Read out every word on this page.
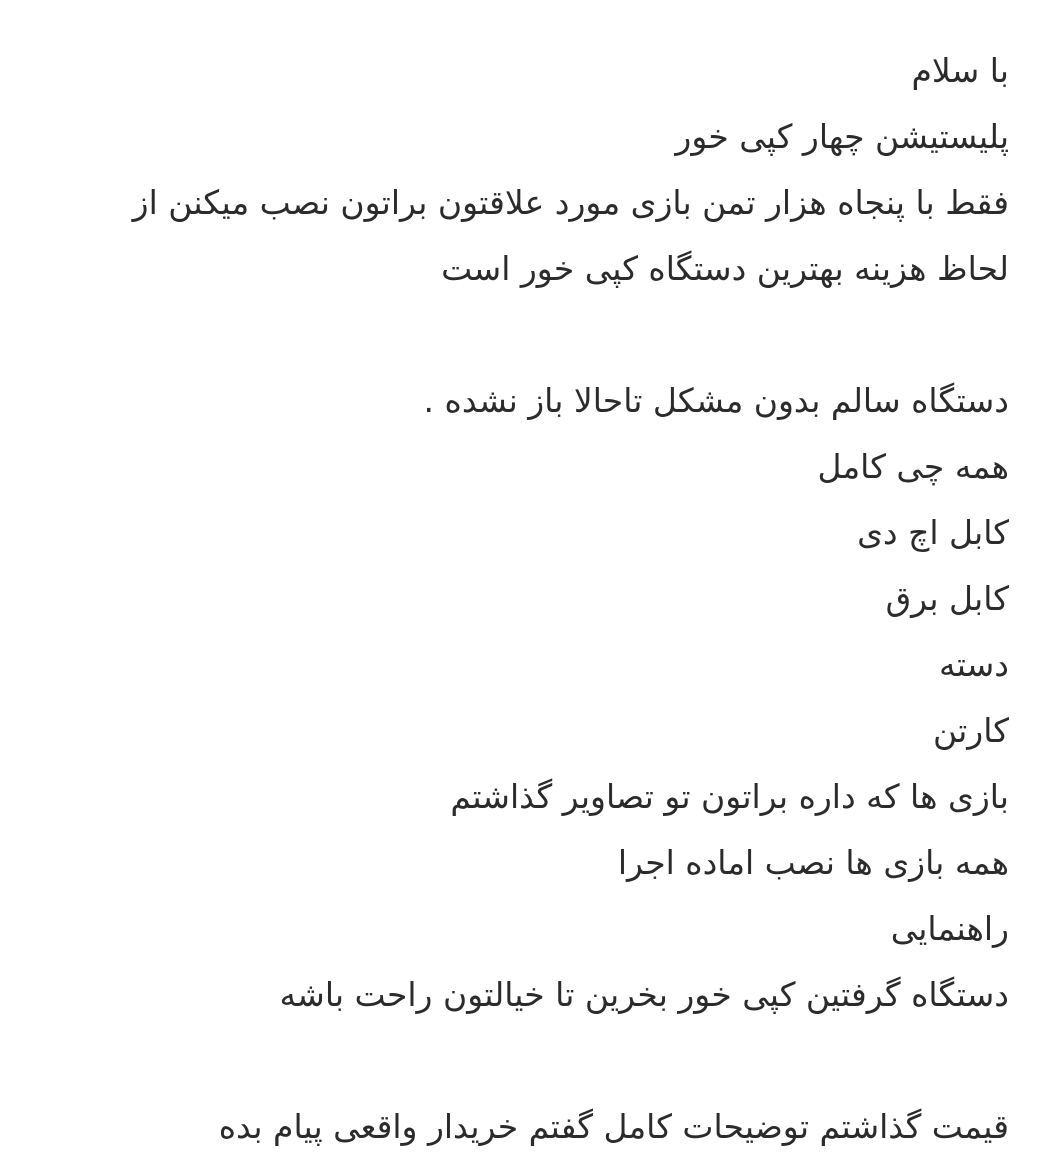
با سلام

پلیستیشن چهار کپی خور

فقط با پنجاه هزار تمن بازی مورد علاقتون براتون نصب میکنن از

لحاظ هزینه بهترین دستگاه کپی خور است

دستگاه سالم بدون مشکل تاحالا باز نشده .

همه چی کامل

کابل اچ دی

کابل برق

دسته

کارتن

بازی ها که داره براتون تو تصاویر گذاشتم

همه بازی ها نصب اماده اجرا

راهنمایی

دستگاه گرفتین کپی خور بخرین تا خیالتون راحت باشه

قیمت گذاشتم توضیحات کامل گفتم خریدار واقعی پیام بده
